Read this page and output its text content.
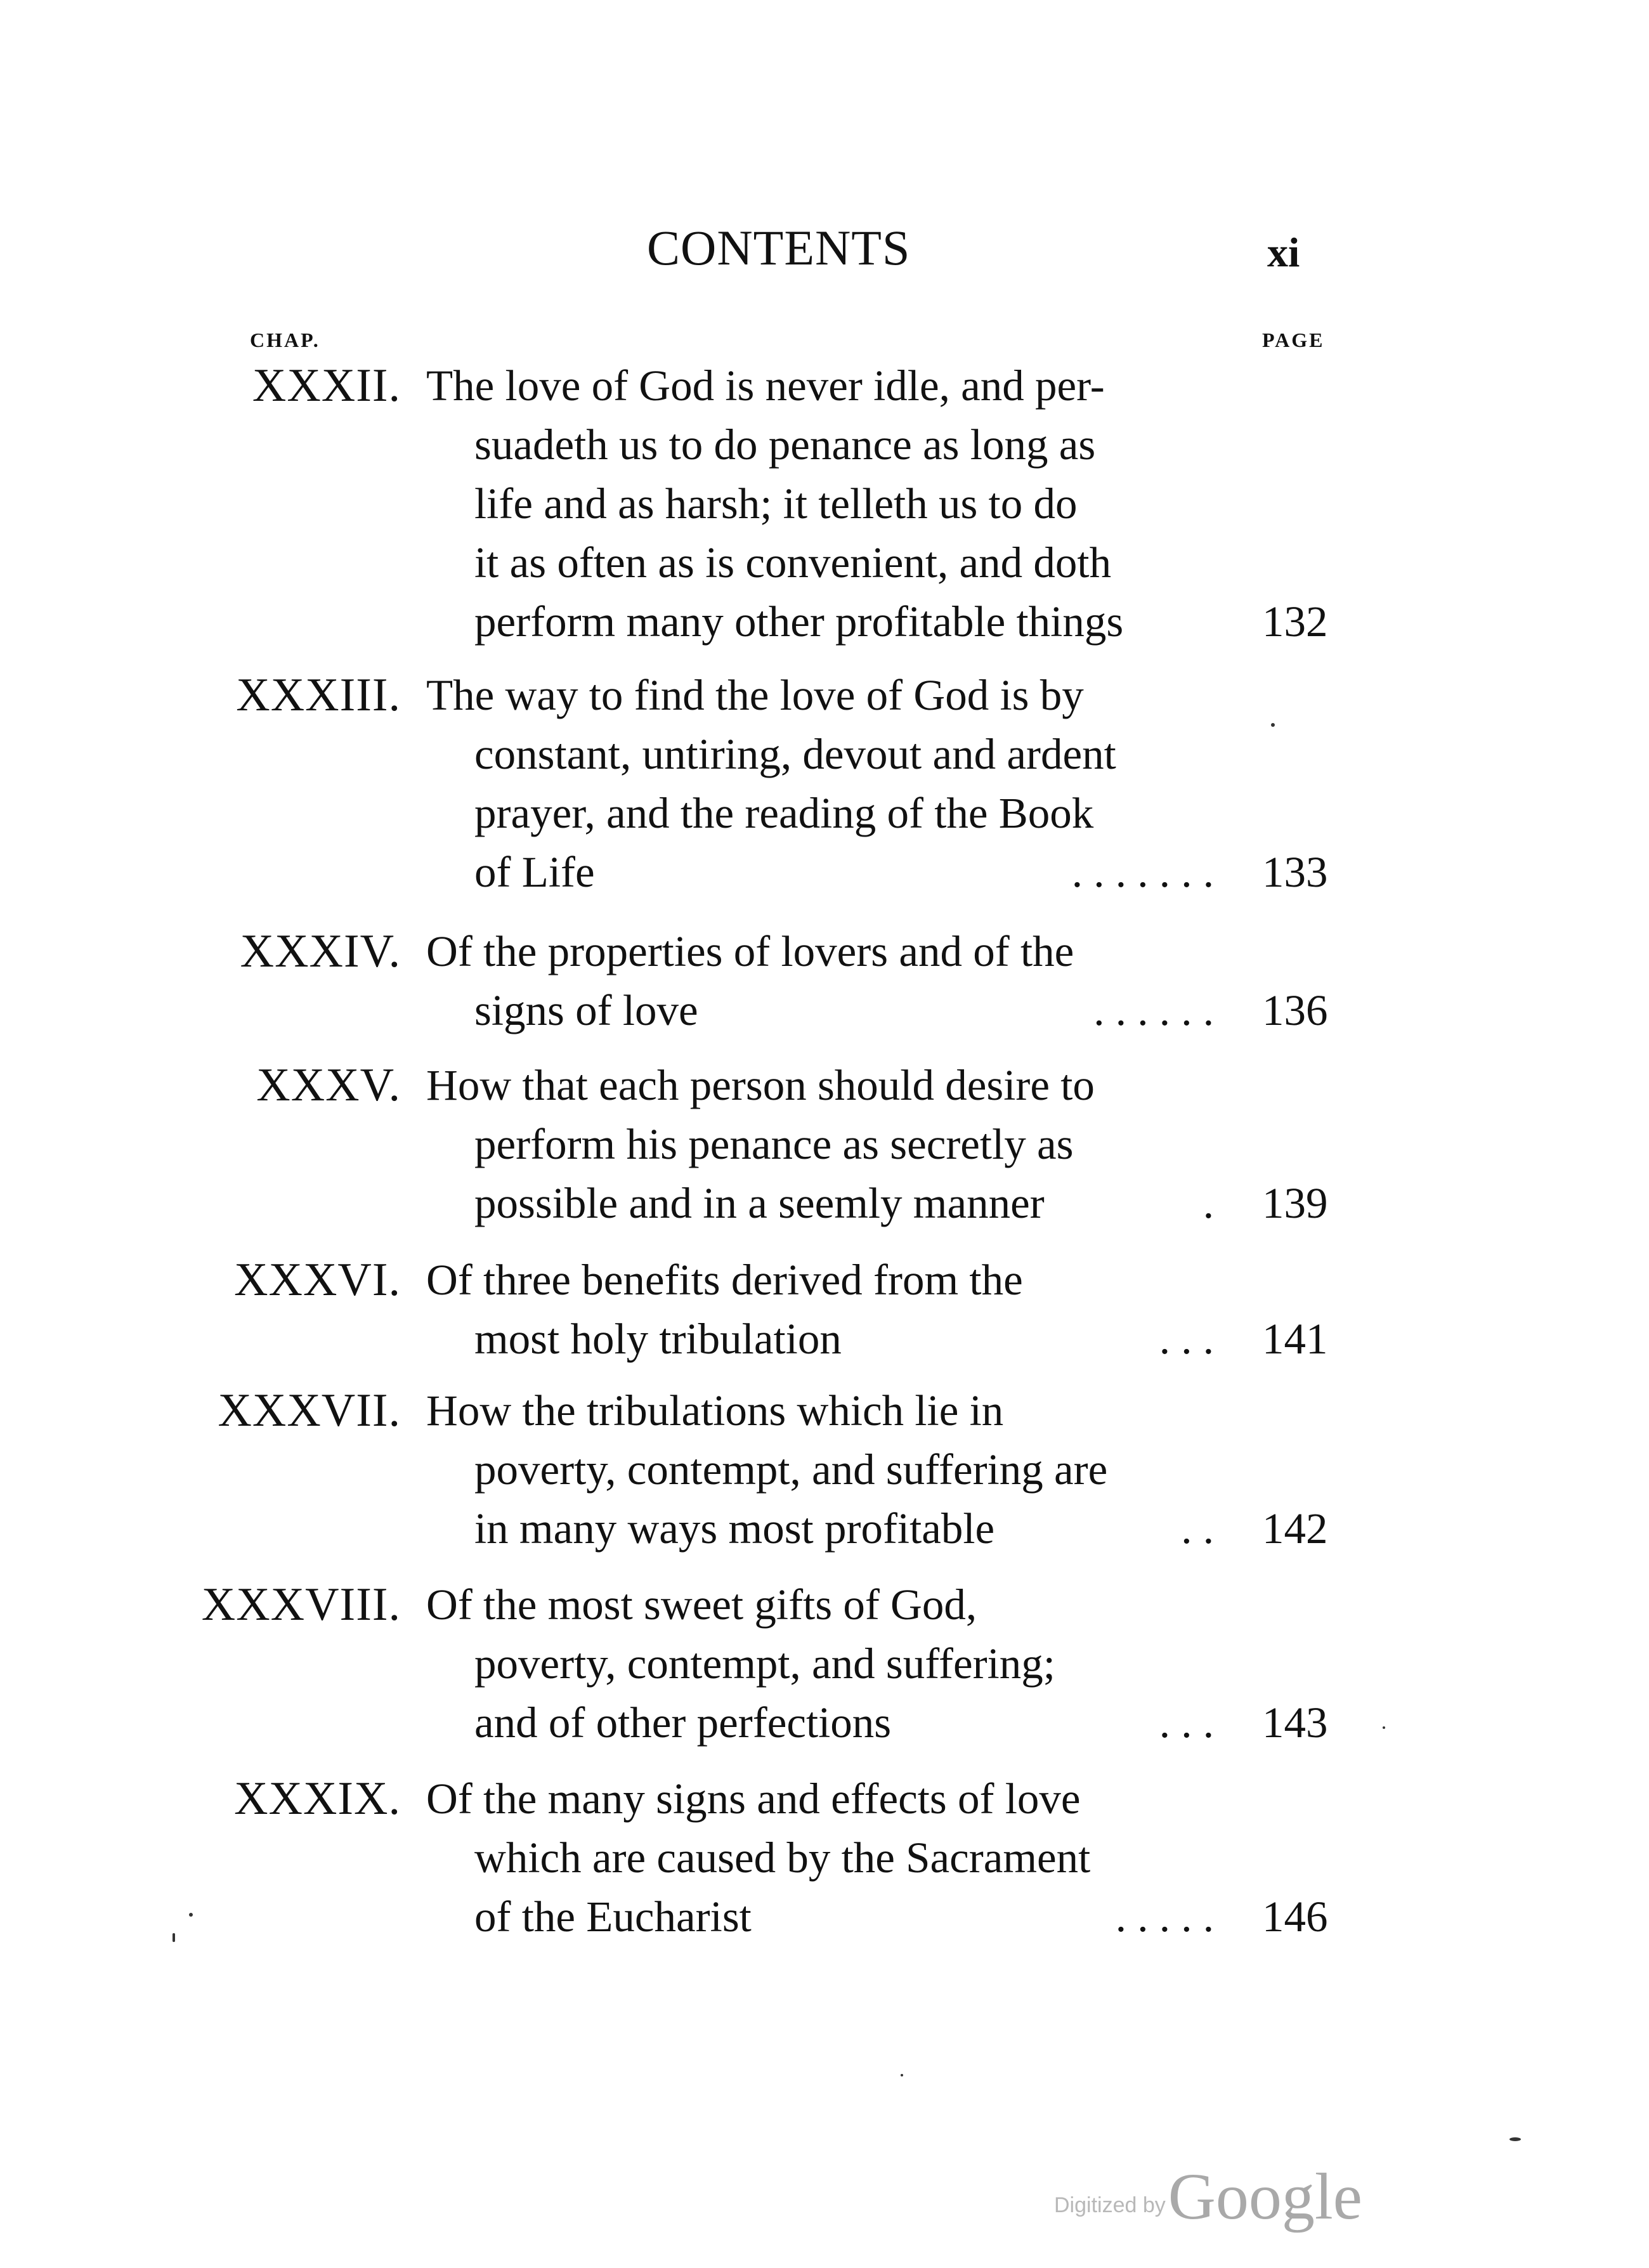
CONTENTS	xi
CHAP.	PAGE
XXXII. The love of God is never idle, and per-
suadeth us to do penance as long as
life and as harsh; it telleth us to do
it as often as is convenient, and doth
perform many other profitable things	132
XXXIII. The way to find the love of God is by
constant, untiring, devout and ardent
prayer, and the reading of the Book
of Life	. . . . . . . 133
XXXIV. Of the properties of lovers and of the
signs of love	. . . . . . 136
XXXV. How that each person should desire to
perform his penance as secretly as
possible and in a seemly manner	. 139
XXXVI. Of three benefits derived from the
most holy tribulation	. . . 141
XXXVII. How the tribulations which lie in
poverty, contempt, and suffering are
in many ways most profitable	. . 142
XXXVIII. Of the most sweet gifts of God,
poverty, contempt, and suffering;
and of other perfections	. . . 143
XXXIX. Of the many signs and effects of love
which are caused by the Sacrament
of the Eucharist	. . . . . 146
Digitized by Google
